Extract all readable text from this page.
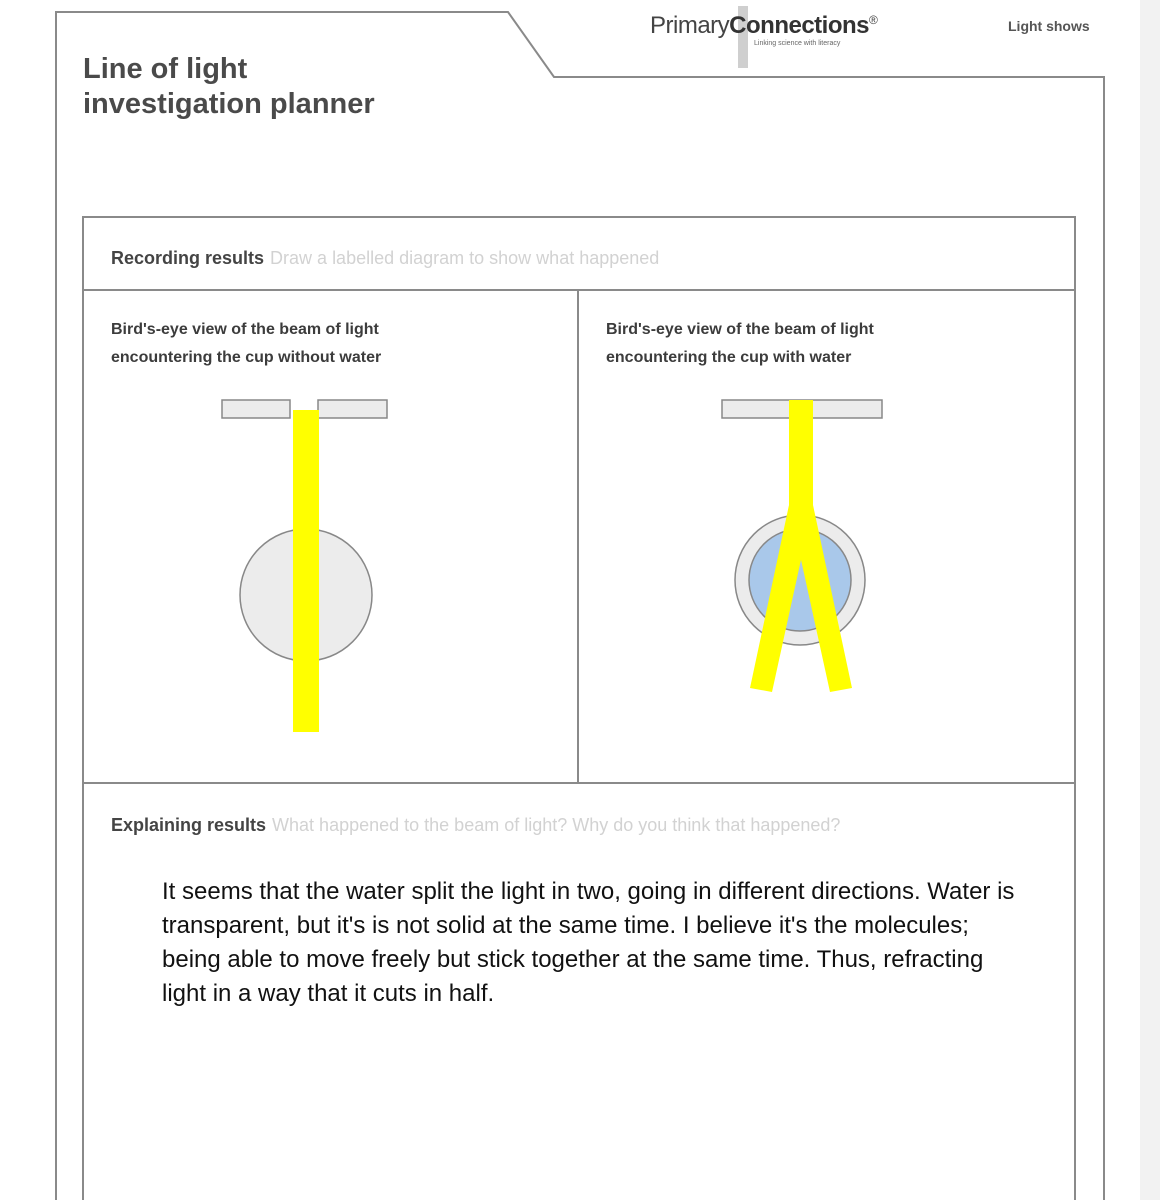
PrimaryConnections®
Linking science with literacy
Light shows
Line of light
investigation planner
Recording results Draw a labelled diagram to show what happened
Bird's-eye view of the beam of light
encountering the cup without water
Bird's-eye view of the beam of light
encountering the cup with water
Explaining results What happened to the beam of light? Why do you think that happened?
It seems that the water split the light in two, going in different directions. Water is transparent, but it's is not solid at the same time. I believe it's the molecules; being able to move freely but stick together at the same time. Thus, refracting light in a way that it cuts in half.
